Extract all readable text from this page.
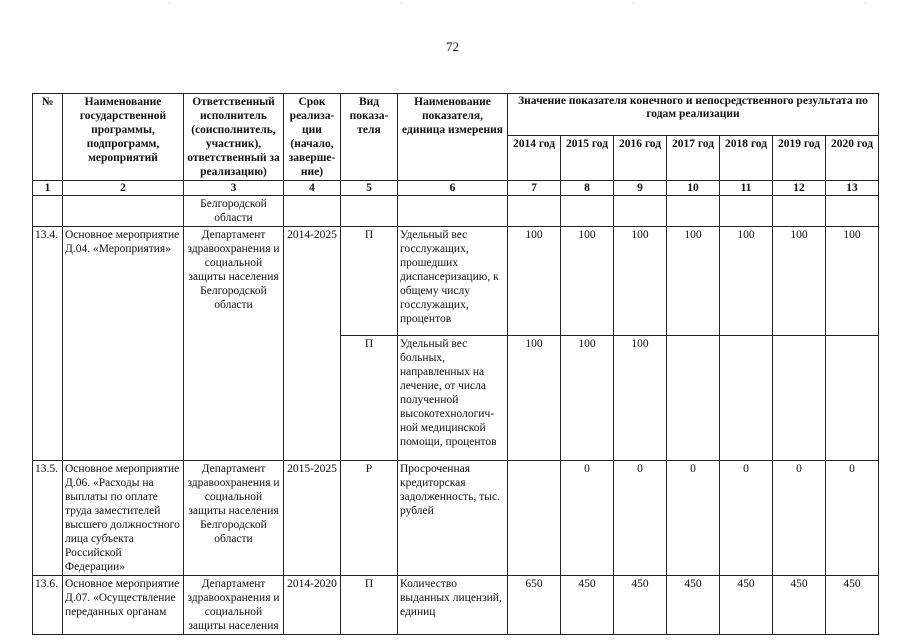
·	·	·	·
72
№	Наименование государственной программы, подпрограмм, мероприятий	Ответственный исполнитель (соисполнитель, участник), ответственный за реализацию)	Срок реализа-ции (начало, заверше-ние)	Вид показа-теля	Наименование показателя, единица измерения	Значение показателя конечного и непосредственного результата по годам реализации						
						2014 год	2015 год	2016 год	2017 год	2018 год	2019 год	2020 год
1	2	3	4	5	6	7	8	9	10	11	12	13
		Белгородской области										
13.4.	Основное мероприятие Д.04. «Мероприятия»	Департамент здравоохранения и социальной защиты населения Белгородской области	2014-2025	П	Удельный вес госслужащих, прошедших диспансеризацию, к общему числу госслужащих, процентов	100	100	100	100	100	100	100
				П	Удельный вес больных, направленных на лечение, от числа полученной высокотехнологич-ной медицинской помощи, процентов	100	100	100				
13.5.	Основное мероприятие Д.06. «Расходы на выплаты по оплате труда заместителей высшего должностного лица субъекта Российской Федерации»	Департамент здравоохранения и социальной защиты населения Белгородской области	2015-2025	Р	Просроченная кредиторская задолженность, тыс. рублей		0	0	0	0	0	0
13.6.	Основное мероприятие Д.07. «Осуществление переданных органам	Департамент здравоохранения и социальной защиты населения	2014-2020	П	Количество выданных лицензий, единиц	650	450	450	450	450	450	450
